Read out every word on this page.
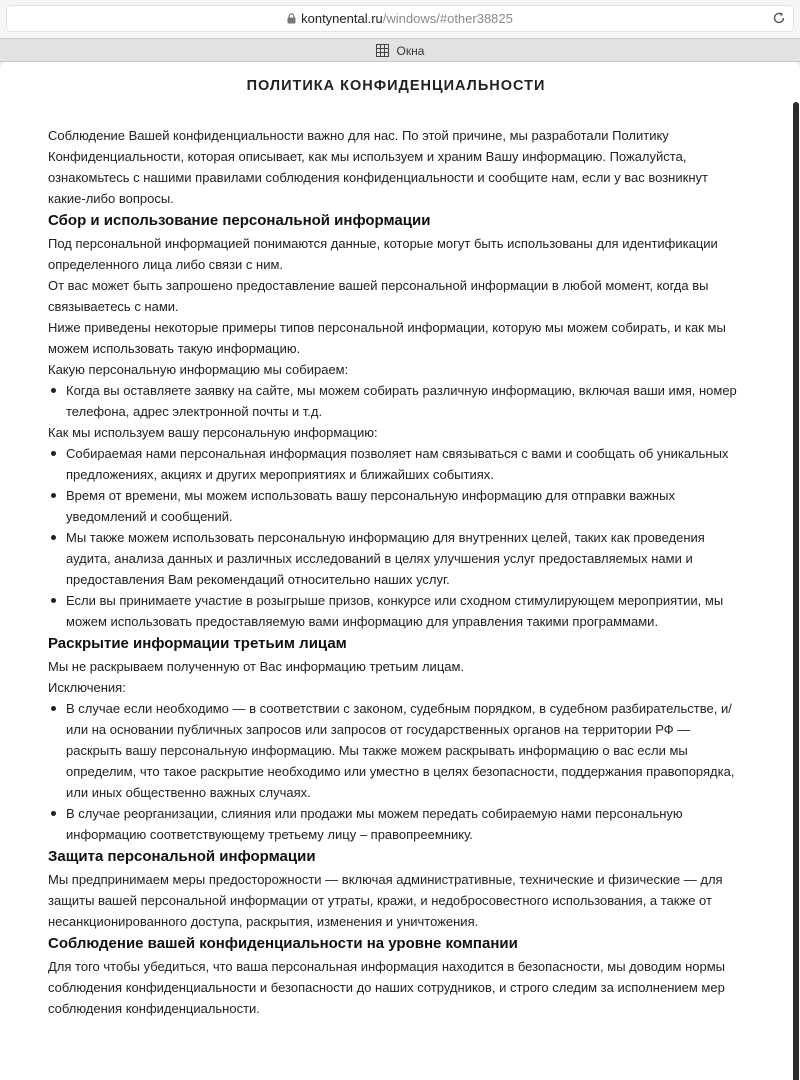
kontynental.ru /windows/#other38825
Окна
ПОЛИТИКА КОНФИДЕНЦИАЛЬНОСТИ

Соблюдение Вашей конфиденциальности важно для нас. По этой причине, мы разработали Политику Конфиденциальности, которая описывает, как мы используем и храним Вашу информацию. Пожалуйста, ознакомьтесь с нашими правилами соблюдения конфиденциальности и сообщите нам, если у вас возникнут какие-либо вопросы.

Сбор и использование персональной информации

Под персональной информацией понимаются данные, которые могут быть использованы для идентификации определенного лица либо связи с ним.

От вас может быть запрошено предоставление вашей персональной информации в любой момент, когда вы связываетесь с нами.

Ниже приведены некоторые примеры типов персональной информации, которую мы можем собирать, и как мы можем использовать такую информацию.

Какую персональную информацию мы собираем:

Когда вы оставляете заявку на сайте, мы можем собирать различную информацию, включая ваши имя, номер телефона, адрес электронной почты и т.д.

Как мы используем вашу персональную информацию:

Собираемая нами персональная информация позволяет нам связываться с вами и сообщать об уникальных предложениях, акциях и других мероприятиях и ближайших событиях.
Время от времени, мы можем использовать вашу персональную информацию для отправки важных уведомлений и сообщений.
Мы также можем использовать персональную информацию для внутренних целей, таких как проведения аудита, анализа данных и различных исследований в целях улучшения услуг предоставляемых нами и предоставления Вам рекомендаций относительно наших услуг.
Если вы принимаете участие в розыгрыше призов, конкурсе или сходном стимулирующем мероприятии, мы можем использовать предоставляемую вами информацию для управления такими программами.
Раскрытие информации третьим лицам

Мы не раскрываем полученную от Вас информацию третьим лицам.

Исключения:

В случае если необходимо — в соответствии с законом, судебным порядком, в судебном разбирательстве, и/или на основании публичных запросов или запросов от государственных органов на территории РФ — раскрыть вашу персональную информацию. Мы также можем раскрывать информацию о вас если мы определим, что такое раскрытие необходимо или уместно в целях безопасности, поддержания правопорядка, или иных общественно важных случаях.
В случае реорганизации, слияния или продажи мы можем передать собираемую нами персональную информацию соответствующему третьему лицу – правопреемнику.
Защита персональной информации

Мы предпринимаем меры предосторожности — включая административные, технические и физические — для защиты вашей персональной информации от утраты, кражи, и недобросовестного использования, а также от несанкционированного доступа, раскрытия, изменения и уничтожения.

Соблюдение вашей конфиденциальности на уровне компании

Для того чтобы убедиться, что ваша персональная информация находится в безопасности, мы доводим нормы соблюдения конфиденциальности и безопасности до наших сотрудников, и строго следим за исполнением мер соблюдения конфиденциальности.
